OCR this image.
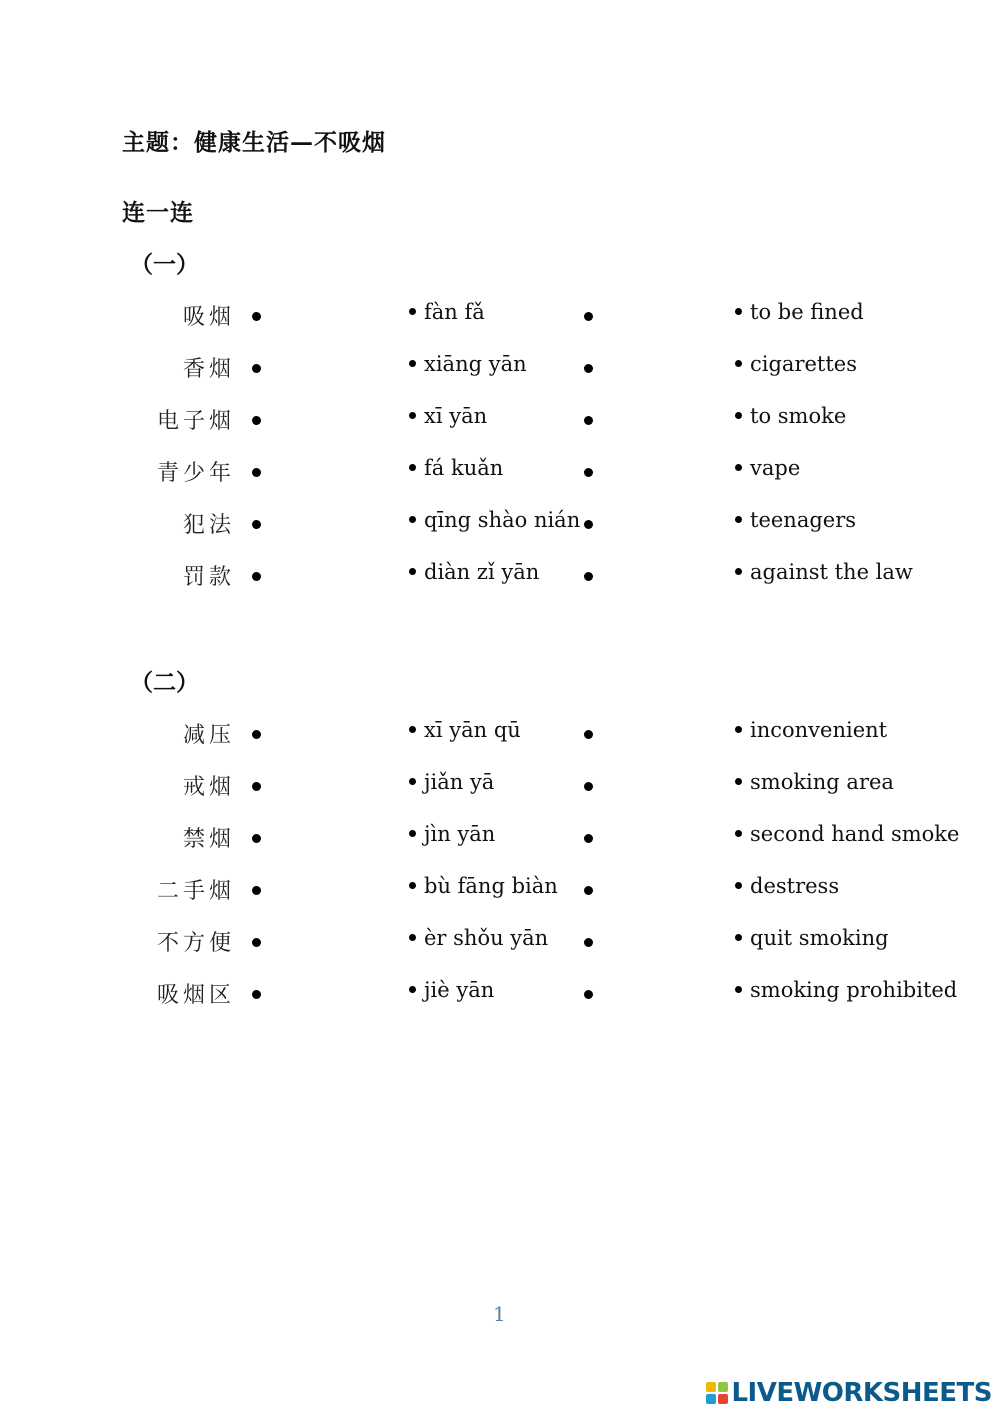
主题：健康生活—不吸烟
连一连
（一）
吸烟	fàn fǎ	to be fined
香烟	xiāng yān	cigarettes
电子烟	xī yān	to smoke
青少年	fá kuǎn	vape
犯法	qīng shào nián	teenagers
罚款	diàn zǐ yān	against the law
（二）
减压	xī yān qū	inconvenient
戒烟	jiǎn yā	smoking area
禁烟	jìn yān	second hand smoke
二手烟	bù fāng biàn	destress
不方便	èr shǒu yān	quit smoking
吸烟区	jiè yān	smoking prohibited
1
LIVEWORKSHEETS
